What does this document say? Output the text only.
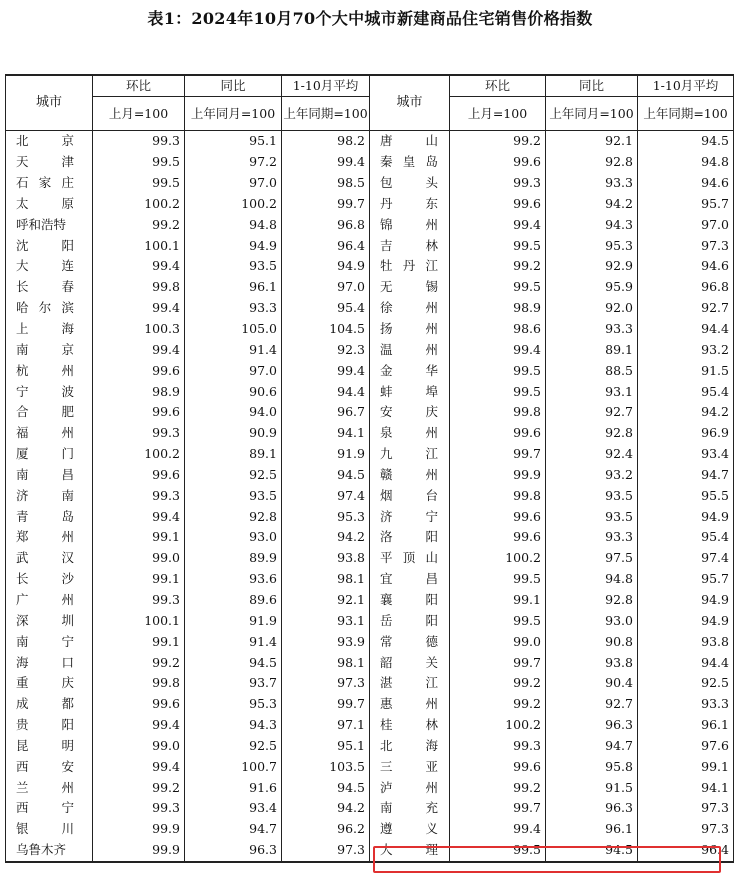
表1：2024年10月70个大中城市新建商品住宅销售价格指数
城市	环比	同比	1-10月平均	城市	环比	同比	1-10月平均
	上月=100	上年同月=100	上年同期=100		上月=100	上年同月=100	上年同期=100
北京	99.3	95.1	98.2	唐山	99.2	92.1	94.5
天津	99.5	97.2	99.4	秦皇岛	99.6	92.8	94.8
石家庄	99.5	97.0	98.5	包头	99.3	93.3	94.6
太原	100.2	100.2	99.7	丹东	99.6	94.2	95.7
呼和浩特	99.2	94.8	96.8	锦州	99.4	94.3	97.0
沈阳	100.1	94.9	96.4	吉林	99.5	95.3	97.3
大连	99.4	93.5	94.9	牡丹江	99.2	92.9	94.6
长春	99.8	96.1	97.0	无锡	99.5	95.9	96.8
哈尔滨	99.4	93.3	95.4	徐州	98.9	92.0	92.7
上海	100.3	105.0	104.5	扬州	98.6	93.3	94.4
南京	99.4	91.4	92.3	温州	99.4	89.1	93.2
杭州	99.6	97.0	99.4	金华	99.5	88.5	91.5
宁波	98.9	90.6	94.4	蚌埠	99.5	93.1	95.4
合肥	99.6	94.0	96.7	安庆	99.8	92.7	94.2
福州	99.3	90.9	94.1	泉州	99.6	92.8	96.9
厦门	100.2	89.1	91.9	九江	99.7	92.4	93.4
南昌	99.6	92.5	94.5	赣州	99.9	93.2	94.7
济南	99.3	93.5	97.4	烟台	99.8	93.5	95.5
青岛	99.4	92.8	95.3	济宁	99.6	93.5	94.9
郑州	99.1	93.0	94.2	洛阳	99.6	93.3	95.4
武汉	99.0	89.9	93.8	平顶山	100.2	97.5	97.4
长沙	99.1	93.6	98.1	宜昌	99.5	94.8	95.7
广州	99.3	89.6	92.1	襄阳	99.1	92.8	94.9
深圳	100.1	91.9	93.1	岳阳	99.5	93.0	94.9
南宁	99.1	91.4	93.9	常德	99.0	90.8	93.8
海口	99.2	94.5	98.1	韶关	99.7	93.8	94.4
重庆	99.8	93.7	97.3	湛江	99.2	90.4	92.5
成都	99.6	95.3	99.7	惠州	99.2	92.7	93.3
贵阳	99.4	94.3	97.1	桂林	100.2	96.3	96.1
昆明	99.0	92.5	95.1	北海	99.3	94.7	97.6
西安	99.4	100.7	103.5	三亚	99.6	95.8	99.1
兰州	99.2	91.6	94.5	泸州	99.2	91.5	94.1
西宁	99.3	93.4	94.2	南充	99.7	96.3	97.3
银川	99.9	94.7	96.2	遵义	99.4	96.1	97.3
乌鲁木齐	99.9	96.3	97.3	大理	99.5	94.5	96.4
